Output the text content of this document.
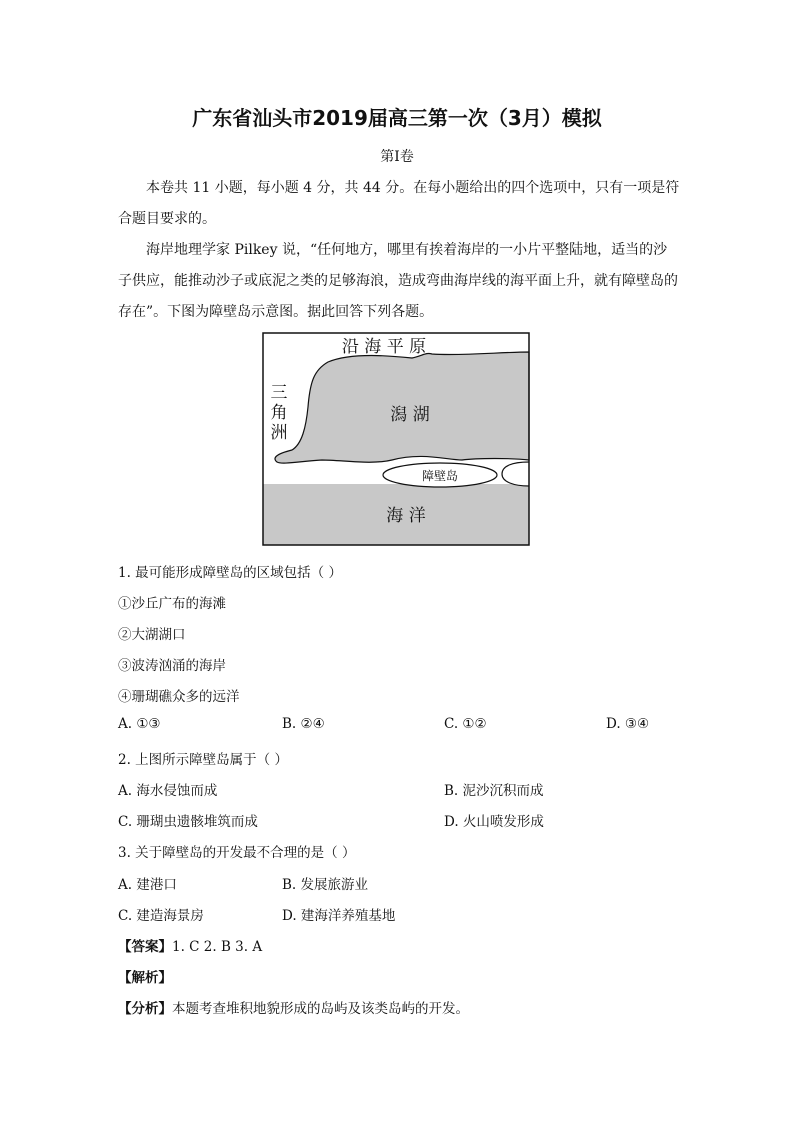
广东省汕头市2019届高三第一次（3月）模拟
第Ⅰ卷

本卷共 11 小题，每小题 4 分，共 44 分。在每小题给出的四个选项中，只有一项是符合题目要求的。

海岸地理学家 Pilkey 说，“任何地方，哪里有挨着海岸的一小片平整陆地，适当的沙子供应，能推动沙子或底泥之类的足够海浪，造成弯曲海岸线的海平面上升，就有障壁岛的存在”。下图为障壁岛示意图。据此回答下列各题。

沿 海 平 原
三
角
洲
潟 湖
障壁岛
海 洋
1. 最可能形成障壁岛的区域包括（ ）
①沙丘广布的海滩
②大湖湖口
③波涛汹涌的海岸
④珊瑚礁众多的远洋
A. ①③	B. ②④	C. ①②	D. ③④
2. 上图所示障壁岛属于（ ）
A. 海水侵蚀而成	B. 泥沙沉积而成
C. 珊瑚虫遗骸堆筑而成	D. 火山喷发形成
3. 关于障壁岛的开发最不合理的是（ ）
A. 建港口	B. 发展旅游业
C. 建造海景房	D. 建海洋养殖基地
【答案】1. C 2. B 3. A
【解析】
【分析】本题考查堆积地貌形成的岛屿及该类岛屿的开发。
